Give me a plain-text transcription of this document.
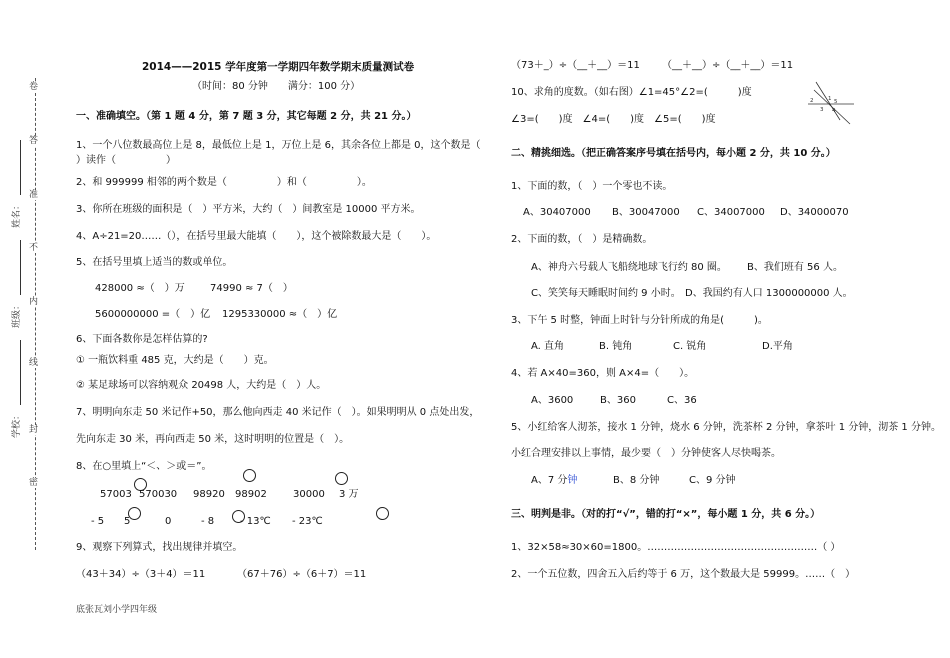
卷
答
准
不
内
线
封
密
姓名：
班级：
学校：
2014——2015 学年度第一学期四年数学期末质量测试卷
（时间：80 分钟　　满分：100 分）
一、准确填空。（第 1 题 4 分，第 7 题 3 分，其它每题 2 分，共 21 分。）
1、一个八位数最高位上是 8，最低位上是 1，万位上是 6，其余各位上都是 0，这个数是（
）读作（　　　　　）
2、和 999999 相邻的两个数是（　　　　　）和（　　　　　）。
3、你所在班级的面积是（　）平方米，大约（　）间教室是 10000 平方米。
4、A÷21=20……（），在括号里最大能填（　　），这个被除数最大是（　　）。
5、在括号里填上适当的数或单位。
428000 ≈（　）万	74990 ≈ 7（　）
5600000000 =（　）亿 1295330000 ≈（　）亿
6、下面各数你是怎样估算的?
① 一瓶饮料重 485 克，大约是（　　）克。
② 某足球场可以容纳观众 20498 人，大约是（　）人。
7、明明向东走 50 米记作+50，那么他向西走 40 米记作（　）。如果明明从 0 点处出发，
先向东走 30 米，再向西走 50 米，这时明明的位置是（　）。
8、在○里填上“＜、＞或＝”。
57003 570030 98920 98902	30000 3 万
- 5 5	0	- 8	- 13℃ - 23℃
9、观察下列算式，找出规律并填空。
（43＋34）÷（3＋4）＝11	（67＋76）÷（6＋7）＝11
（73＋_）÷（__＋__）＝11 （__＋__）÷（__＋__）＝11
10、求角的度数。（如右图）∠1=45°∠2=(　　　)度
∠3=(　　)度　∠4=(　　)度　∠5=(　　)度
2	1 5
3 4
二、精挑细选。（把正确答案序号填在括号内，每小题 2 分，共 10 分。）
1、下面的数，（　）一个零也不读。
A、30407000 B、30047000 C、34007000 D、34000070
2、下面的数，（　）是精确数。
A、神舟六号载人飞船绕地球飞行约 80 圈。 B、我们班有 56 人。
C、笑笑每天睡眠时间约 9 小时。 D、我国约有人口 1300000000 人。
3、下午 5 时整，钟面上时针与分针所成的角是(　　　)。
A. 直角	B. 钝角	C. 锐角	D.平角
4、若 A×40=360，则 A×4=（　　）。
A、3600	B、360	C、36
5、小红给客人沏茶，接水 1 分钟，烧水 6 分钟，洗茶杯 2 分钟，拿茶叶 1 分钟，沏茶 1 分钟。
小红合理安排以上事情，最少要（　）分钟使客人尽快喝茶。
A、7 分钟	B、8 分钟	C、9 分钟
三、明判是非。（对的打“√”，错的打“×”，每小题 1 分，共 6 分。）
1、32×58≈30×60=1800。……………………………………………（ ）
2、一个五位数，四舍五入后约等于 6 万，这个数最大是 59999。……（　）
底张瓦刘小学四年级
